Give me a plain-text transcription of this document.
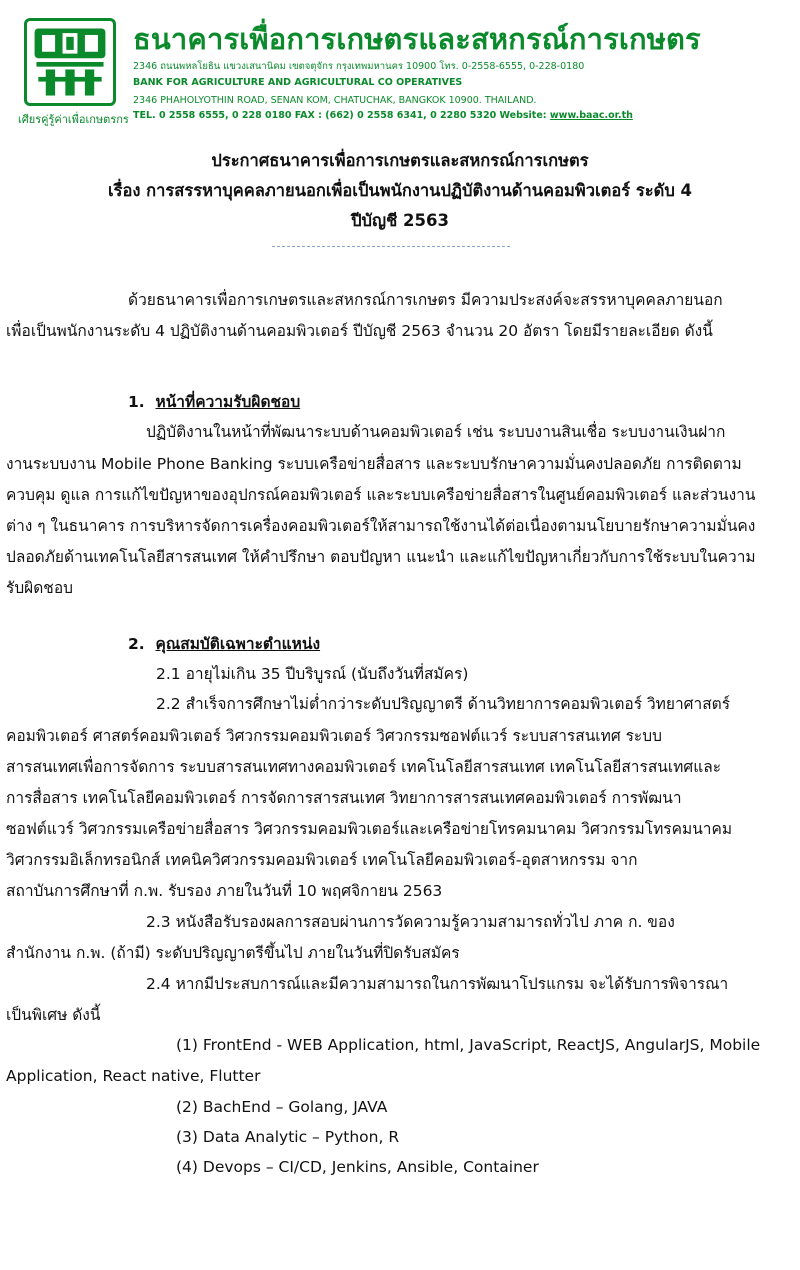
เศียรคู่รู้ค่าเพื่อเกษตรกร
ธนาคารเพื่อการเกษตรและสหกรณ์การเกษตร
2346 ถนนพหลโยธิน แขวงเสนานิคม เขตจตุจักร กรุงเทพมหานคร 10900 โทร. 0-2558-6555, 0-228-0180
BANK FOR AGRICULTURE AND AGRICULTURAL CO OPERATIVES
2346 PHAHOLYOTHIN ROAD, SENAN KOM, CHATUCHAK, BANGKOK 10900. THAILAND.
TEL. 0 2558 6555, 0 228 0180 FAX : (662) 0 2558 6341, 0 2280 5320 Website: www.baac.or.th
ประกาศธนาคารเพื่อการเกษตรและสหกรณ์การเกษตร
เรื่อง การสรรหาบุคคลภายนอกเพื่อเป็นพนักงานปฏิบัติงานด้านคอมพิวเตอร์ ระดับ 4
ปีบัญชี 2563
ด้วยธนาคารเพื่อการเกษตรและสหกรณ์การเกษตร มีความประสงค์จะสรรหาบุคคลภายนอก
เพื่อเป็นพนักงานระดับ 4 ปฏิบัติงานด้านคอมพิวเตอร์ ปีบัญชี 2563 จำนวน 20 อัตรา โดยมีรายละเอียด ดังนี้
1. หน้าที่ความรับผิดชอบ
ปฏิบัติงานในหน้าที่พัฒนาระบบด้านคอมพิวเตอร์ เช่น ระบบงานสินเชื่อ ระบบงานเงินฝาก
งานระบบงาน Mobile Phone Banking ระบบเครือข่ายสื่อสาร และระบบรักษาความมั่นคงปลอดภัย การติดตาม
ควบคุม ดูแล การแก้ไขปัญหาของอุปกรณ์คอมพิวเตอร์ และระบบเครือข่ายสื่อสารในศูนย์คอมพิวเตอร์ และส่วนงาน
ต่าง ๆ ในธนาคาร การบริหารจัดการเครื่องคอมพิวเตอร์ให้สามารถใช้งานได้ต่อเนื่องตามนโยบายรักษาความมั่นคง
ปลอดภัยด้านเทคโนโลยีสารสนเทศ ให้คำปรึกษา ตอบปัญหา แนะนำ และแก้ไขปัญหาเกี่ยวกับการใช้ระบบในความ
รับผิดชอบ
2. คุณสมบัติเฉพาะตำแหน่ง
2.1 อายุไม่เกิน 35 ปีบริบูรณ์ (นับถึงวันที่สมัคร)
2.2 สำเร็จการศึกษาไม่ต่ำกว่าระดับปริญญาตรี ด้านวิทยาการคอมพิวเตอร์ วิทยาศาสตร์
คอมพิวเตอร์ ศาสตร์คอมพิวเตอร์ วิศวกรรมคอมพิวเตอร์ วิศวกรรมซอฟต์แวร์ ระบบสารสนเทศ ระบบ
สารสนเทศเพื่อการจัดการ ระบบสารสนเทศทางคอมพิวเตอร์ เทคโนโลยีสารสนเทศ เทคโนโลยีสารสนเทศและ
การสื่อสาร เทคโนโลยีคอมพิวเตอร์ การจัดการสารสนเทศ วิทยาการสารสนเทศคอมพิวเตอร์ การพัฒนา
ซอฟต์แวร์ วิศวกรรมเครือข่ายสื่อสาร วิศวกรรมคอมพิวเตอร์และเครือข่ายโทรคมนาคม วิศวกรรมโทรคมนาคม
วิศวกรรมอิเล็กทรอนิกส์ เทคนิควิศวกรรมคอมพิวเตอร์ เทคโนโลยีคอมพิวเตอร์-อุตสาหกรรม จาก
สถาบันการศึกษาที่ ก.พ. รับรอง ภายในวันที่ 10 พฤศจิกายน 2563
2.3 หนังสือรับรองผลการสอบผ่านการวัดความรู้ความสามารถทั่วไป ภาค ก. ของ
สำนักงาน ก.พ. (ถ้ามี) ระดับปริญญาตรีขึ้นไป ภายในวันที่ปิดรับสมัคร
2.4 หากมีประสบการณ์และมีความสามารถในการพัฒนาโปรแกรม จะได้รับการพิจารณา
เป็นพิเศษ ดังนี้
(1) FrontEnd - WEB Application, html, JavaScript, ReactJS, AngularJS, Mobile
Application, React native, Flutter
(2) BachEnd – Golang, JAVA
(3) Data Analytic – Python, R
(4) Devops – CI/CD, Jenkins, Ansible, Container
